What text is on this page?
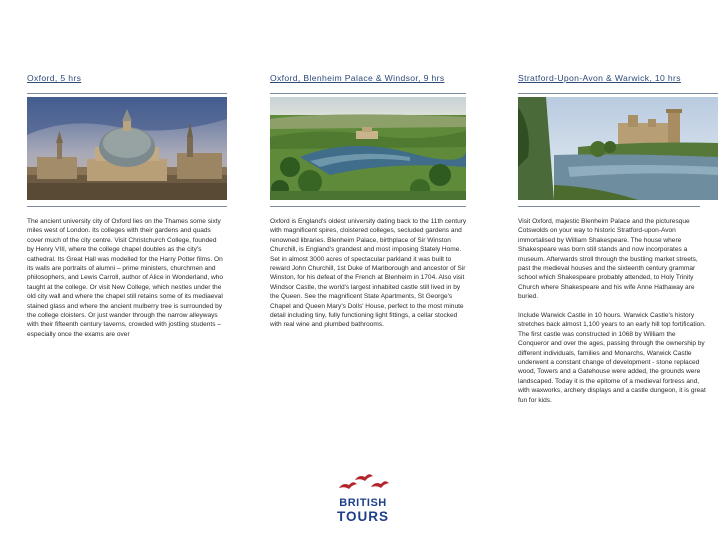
Oxford, 5 hrs

The ancient university city of Oxford lies on the Thames some sixty miles west of London. Its colleges with their gardens and quads cover much of the city centre. Visit Christchurch College, founded by Henry VIII, where the college chapel doubles as the city's cathedral. Its Great Hall was modelled for the Harry Potter films. On its walls are portraits of alumni – prime ministers, churchmen and philosophers, and Lewis Carroll, author of Alice in Wonderland, who taught at the college. Or visit New College, which nestles under the old city wall and where the chapel still retains some of its mediaeval stained glass and where the ancient mulberry tree is surrounded by the college cloisters. Or just wander through the narrow alleyways with their fifteenth century taverns, crowded with jostling students – especially once the exams are over

Oxford, Blenheim Palace & Windsor, 9 hrs

Oxford is England's oldest university dating back to the 11th century with magnificent spires, cloistered colleges, secluded gardens and renowned libraries. Blenheim Palace, birthplace of Sir Winston Churchill, is England's grandest and most imposing Stately Home. Set in almost 3000 acres of spectacular parkland it was built to reward John Churchill, 1st Duke of Marlborough and ancestor of Sir Winston, for his defeat of the French at Blenheim in 1704. Also visit Windsor Castle, the world's largest inhabited castle still lived in by the Queen. See the magnificent State Apartments, St George's Chapel and Queen Mary's Dolls' House, perfect to the most minute detail including tiny, fully functioning light fittings, a cellar stocked with real wine and plumbed bathrooms.

Stratford-Upon-Avon & Warwick, 10 hrs

Visit Oxford, majestic Blenheim Palace and the picturesque Cotswolds on your way to historic Stratford-upon-Avon immortalised by William Shakespeare. The house where Shakespeare was born still stands and now incorporates a museum. Afterwards stroll through the bustling market streets, past the medieval houses and the sixteenth century grammar school which Shakespeare probably attended, to Holy Trinity Church where Shakespeare and his wife Anne Hathaway are buried.

Include Warwick Castle in 10 hours. Warwick Castle's history stretches back almost 1,100 years to an early hill top fortification. The first castle was constructed in 1068 by William the Conqueror and over the ages, passing through the ownership by different individuals, families and Monarchs, Warwick Castle underwent a constant change of development - stone replaced wood, Towers and a Gatehouse were added, the grounds were landscaped. Today it is the epitome of a medieval fortress and, with waxworks, archery displays and a castle dungeon, it is great fun for kids.

BRITISH
TOURS
